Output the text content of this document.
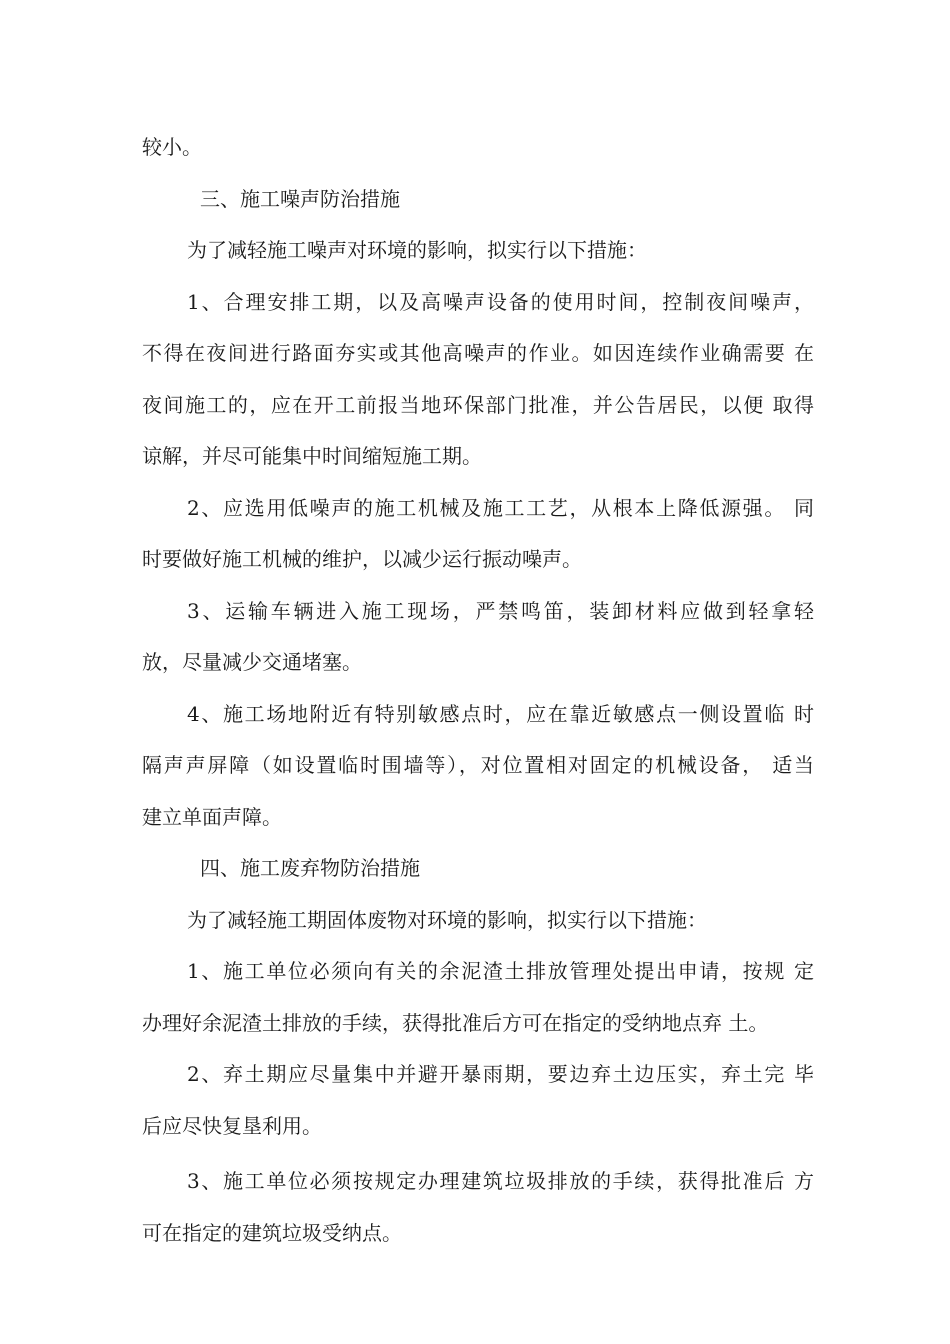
较小。
三、施工噪声防治措施
为了减轻施工噪声对环境的影响，拟实行以下措施：
1、合理安排工期，以及高噪声设备的使用时间，控制夜间噪声，
不得在夜间进行路面夯实或其他高噪声的作业。如因连续作业确需要 在
夜间施工的，应在开工前报当地环保部门批准，并公告居民，以便 取得
谅解，并尽可能集中时间缩短施工期。
2、应选用低噪声的施工机械及施工工艺，从根本上降低源强。 同
时要做好施工机械的维护，以减少运行振动噪声。
3、运输车辆进入施工现场，严禁鸣笛，装卸材料应做到轻拿轻
放，尽量减少交通堵塞。
4、施工场地附近有特别敏感点时，应在靠近敏感点一侧设置临 时
隔声声屏障（如设置临时围墙等），对位置相对固定的机械设备， 适当
建立单面声障。
四、施工废弃物防治措施
为了减轻施工期固体废物对环境的影响，拟实行以下措施：
1、施工单位必须向有关的余泥渣土排放管理处提出申请，按规 定
办理好余泥渣土排放的手续，获得批准后方可在指定的受纳地点弃 土。
2、弃土期应尽量集中并避开暴雨期，要边弃土边压实，弃土完 毕
后应尽快复垦利用。
3、施工单位必须按规定办理建筑垃圾排放的手续，获得批准后 方
可在指定的建筑垃圾受纳点。
